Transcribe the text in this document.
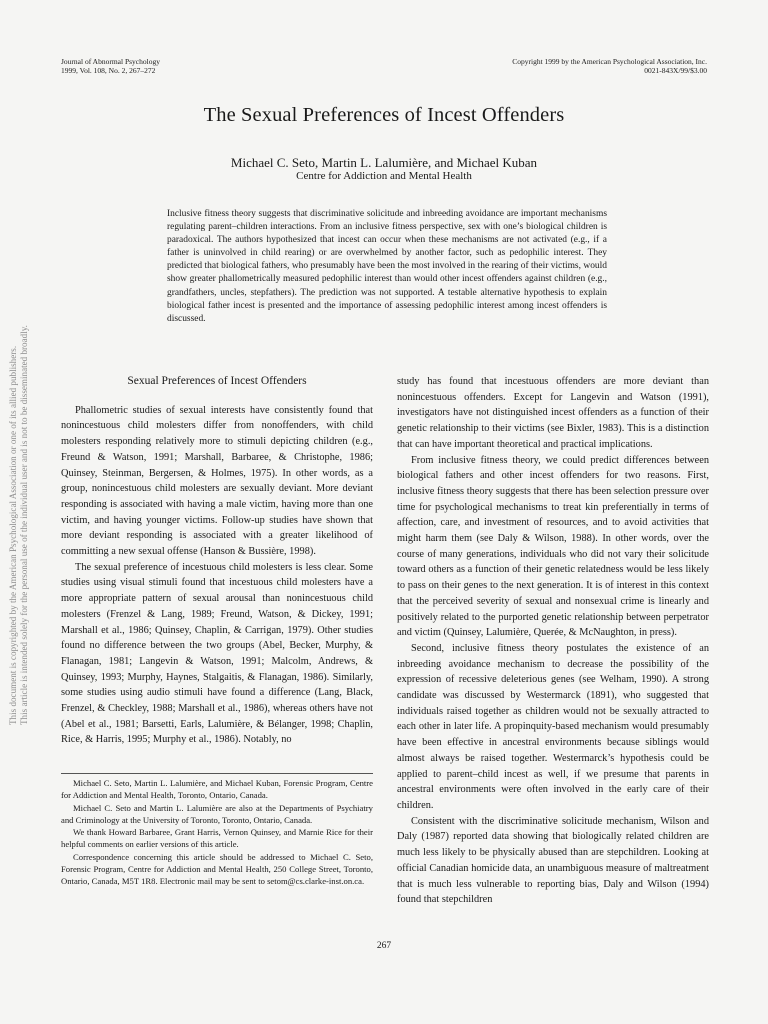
Journal of Abnormal Psychology
1999, Vol. 108, No. 2, 267–272
Copyright 1999 by the American Psychological Association, Inc.
0021-843X/99/$3.00
The Sexual Preferences of Incest Offenders
Michael C. Seto, Martin L. Lalumière, and Michael Kuban
Centre for Addiction and Mental Health
Inclusive fitness theory suggests that discriminative solicitude and inbreeding avoidance are important mechanisms regulating parent–children interactions. From an inclusive fitness perspective, sex with one’s biological children is paradoxical. The authors hypothesized that incest can occur when these mechanisms are not activated (e.g., if a father is uninvolved in child rearing) or are overwhelmed by another factor, such as pedophilic interest. They predicted that biological fathers, who presumably have been the most involved in the rearing of their victims, would show greater phallometrically measured pedophilic interest than would other incest offenders against children (e.g., grandfathers, uncles, stepfathers). The prediction was not supported. A testable alternative hypothesis to explain biological father incest is presented and the importance of assessing pedophilic interest among incest offenders is discussed.
This document is copyrighted by the American Psychological Association or one of its allied publishers. This article is intended solely for the personal use of the individual user and is not to be disseminated broadly.	Sexual Preferences of Incest Offenders

Phallometric studies of sexual interests have consistently found that nonincestuous child molesters differ from nonoffenders, with child molesters responding relatively more to stimuli depicting children (e.g., Freund & Watson, 1991; Marshall, Barbaree, & Christophe, 1986; Quinsey, Steinman, Bergersen, & Holmes, 1975). In other words, as a group, nonincestuous child molesters are sexually deviant. More deviant responding is associated with having a male victim, having more than one victim, and having younger victims. Follow-up studies have shown that more deviant responding is associated with a greater likelihood of committing a new sexual offense (Hanson & Bussière, 1998).

The sexual preference of incestuous child molesters is less clear. Some studies using visual stimuli found that incestuous child molesters have a more appropriate pattern of sexual arousal than nonincestuous child molesters (Frenzel & Lang, 1989; Freund, Watson, & Dickey, 1991; Marshall et al., 1986; Quinsey, Chaplin, & Carrigan, 1979). Other studies found no difference between the two groups (Abel, Becker, Murphy, & Flanagan, 1981; Langevin & Watson, 1991; Malcolm, Andrews, & Quinsey, 1993; Murphy, Haynes, Stalgaitis, & Flanagan, 1986). Similarly, some studies using audio stimuli have found a difference (Lang, Black, Frenzel, & Checkley, 1988; Marshall et al., 1986), whereas others have not (Abel et al., 1981; Barsetti, Earls, Lalumière, & Bélanger, 1998; Chaplin, Rice, & Harris, 1995; Murphy et al., 1986). Notably, no

study has found that incestuous offenders are more deviant than nonincestuous offenders. Except for Langevin and Watson (1991), investigators have not distinguished incest offenders as a function of their genetic relationship to their victims (see Bixler, 1983). This is a distinction that can have important theoretical and practical implications.

From inclusive fitness theory, we could predict differences between biological fathers and other incest offenders for two reasons. First, inclusive fitness theory suggests that there has been selection pressure over time for psychological mechanisms to treat kin preferentially in terms of affection, care, and investment of resources, and to avoid activities that might harm them (see Daly & Wilson, 1988). In other words, over the course of many generations, individuals who did not vary their solicitude toward others as a function of their genetic relatedness would be less likely to pass on their genes to the next generation. It is of interest in this context that the perceived severity of sexual and nonsexual crime is linearly and positively related to the purported genetic relationship between perpetrator and victim (Quinsey, Lalumière, Querée, & McNaughton, in press).

Second, inclusive fitness theory postulates the existence of an inbreeding avoidance mechanism to decrease the possibility of the expression of recessive deleterious genes (see Welham, 1990). A strong candidate was discussed by Westermarck (1891), who suggested that individuals raised together as children would not be sexually attracted to each other in later life. A propinquity-based mechanism would presumably have been effective in ancestral environments because siblings would almost always be raised together. Westermarck’s hypothesis could be applied to parent–child incest as well, if we presume that parents in ancestral environments were often involved in the early care of their children.

Consistent with the discriminative solicitude mechanism, Wilson and Daly (1987) reported data showing that biologically related children are much less likely to be physically abused than are stepchildren. Looking at official Canadian homicide data, an unambiguous measure of maltreatment that is much less vulnerable to reporting bias, Daly and Wilson (1994) found that stepchildren

Michael C. Seto, Martin L. Lalumière, and Michael Kuban, Forensic Program, Centre for Addiction and Mental Health, Toronto, Ontario, Canada.

Michael C. Seto and Martin L. Lalumière are also at the Departments of Psychiatry and Criminology at the University of Toronto, Toronto, Ontario, Canada.

We thank Howard Barbaree, Grant Harris, Vernon Quinsey, and Marnie Rice for their helpful comments on earlier versions of this article.

Correspondence concerning this article should be addressed to Michael C. Seto, Forensic Program, Centre for Addiction and Mental Health, 250 College Street, Toronto, Ontario, Canada, M5T 1R8. Electronic mail may be sent to setom@cs.clarke-inst.on.ca.

267
